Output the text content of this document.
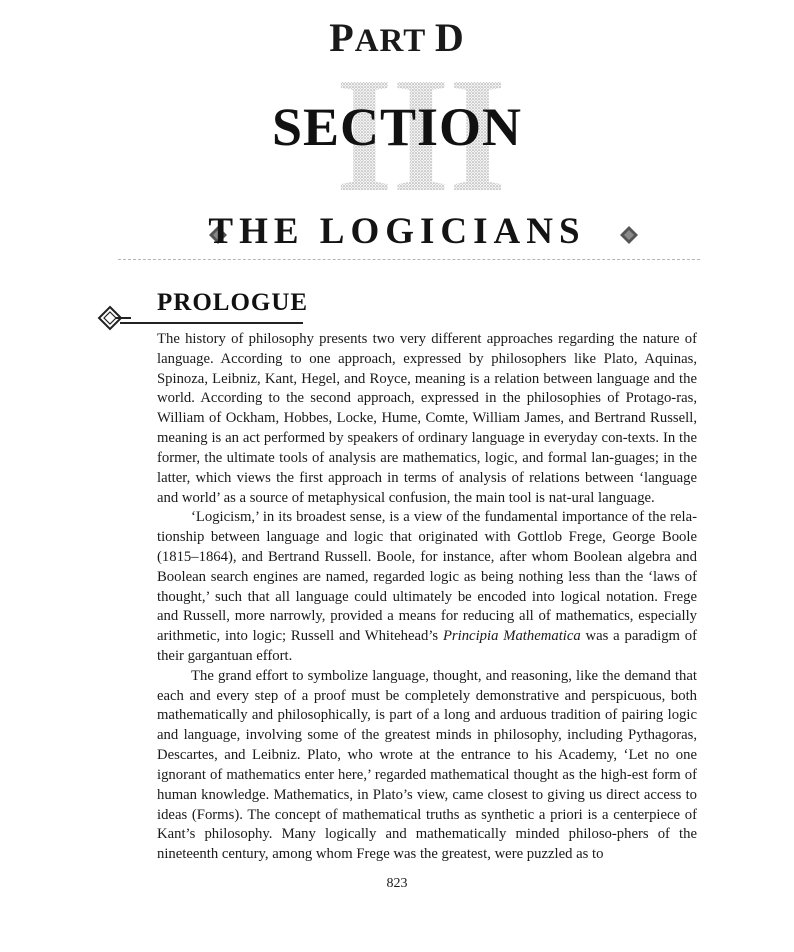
PART D
III
SECTION
THE LOGICIANS
PROLOGUE

The history of philosophy presents two very different approaches regarding the nature of language. According to one approach, expressed by philosophers like Plato, Aquinas, Spinoza, Leibniz, Kant, Hegel, and Royce, meaning is a relation between language and the world. According to the second approach, expressed in the philosophies of Protago-ras, William of Ockham, Hobbes, Locke, Hume, Comte, William James, and Bertrand Russell, meaning is an act performed by speakers of ordinary language in everyday con-texts. In the former, the ultimate tools of analysis are mathematics, logic, and formal lan-guages; in the latter, which views the first approach in terms of analysis of relations between ‘language and world’ as a source of metaphysical confusion, the main tool is nat-ural language.

‘Logicism,’ in its broadest sense, is a view of the fundamental importance of the rela-tionship between language and logic that originated with Gottlob Frege, George Boole (1815–1864), and Bertrand Russell. Boole, for instance, after whom Boolean algebra and Boolean search engines are named, regarded logic as being nothing less than the ‘laws of thought,’ such that all language could ultimately be encoded into logical notation. Frege and Russell, more narrowly, provided a means for reducing all of mathematics, especially arithmetic, into logic; Russell and Whitehead’s Principia Mathematica was a paradigm of their gargantuan effort.

The grand effort to symbolize language, thought, and reasoning, like the demand that each and every step of a proof must be completely demonstrative and perspicuous, both mathematically and philosophically, is part of a long and arduous tradition of pairing logic and language, involving some of the greatest minds in philosophy, including Pythagoras, Descartes, and Leibniz. Plato, who wrote at the entrance to his Academy, ‘Let no one ignorant of mathematics enter here,’ regarded mathematical thought as the high-est form of human knowledge. Mathematics, in Plato’s view, came closest to giving us direct access to ideas (Forms). The concept of mathematical truths as synthetic a priori is a centerpiece of Kant’s philosophy. Many logically and mathematically minded philoso-phers of the nineteenth century, among whom Frege was the greatest, were puzzled as to

823
